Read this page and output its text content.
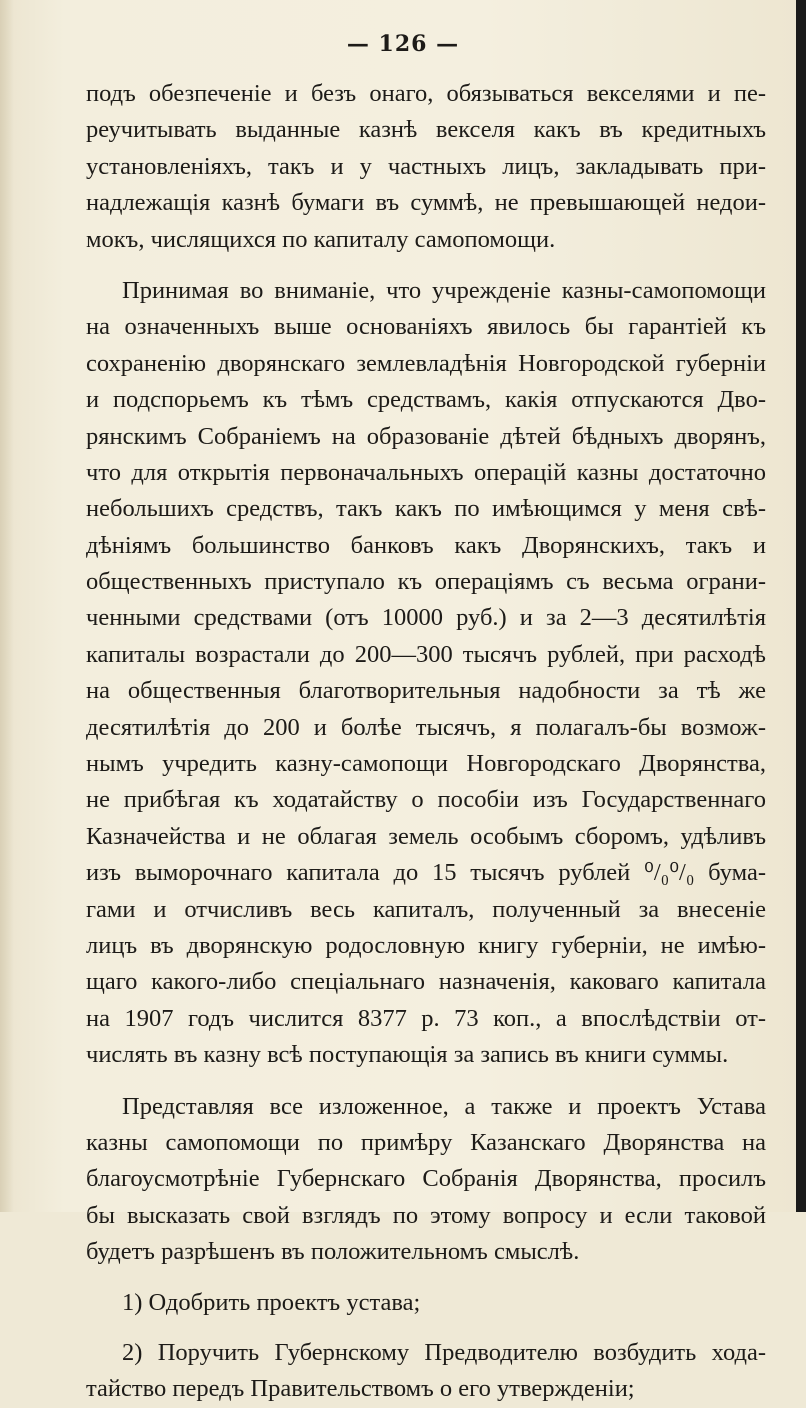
— 126 —
подъ обезпеченіе и безъ онаго, обязываться векселями и пе-
реучитывать выданные казнѣ векселя какъ въ кредитныхъ
установленіяхъ, такъ и у частныхъ лицъ, закладывать при-
надлежащія казнѣ бумаги въ суммѣ, не превышающей недои-
мокъ, числящихся по капиталу самопомощи.
Принимая во вниманіе, что учрежденіе казны-самопомощи
на означенныхъ выше основаніяхъ явилось бы гарантіей къ
сохраненію дворянскаго землевладѣнія Новгородской губерніи
и подспорьемъ къ тѣмъ средствамъ, какія отпускаются Дво-
рянскимъ Собраніемъ на образованіе дѣтей бѣдныхъ дворянъ,
что для открытія первоначальныхъ операцій казны достаточно
небольшихъ средствъ, такъ какъ по имѣющимся у меня свѣ-
дѣніямъ большинство банковъ какъ Дворянскихъ, такъ и
общественныхъ приступало къ операціямъ съ весьма ограни-
ченными средствами (отъ 10000 руб.) и за 2—3 десятилѣтія
капиталы возрастали до 200—300 тысячъ рублей, при расходѣ
на общественныя благотворительныя надобности за тѣ же
десятилѣтія до 200 и болѣе тысячъ, я полагалъ-бы возмож-
нымъ учредить казну-самопощи Новгородскаго Дворянства,
не прибѣгая къ ходатайству о пособіи изъ Государственнаго
Казначейства и не облагая земель особымъ сборомъ, удѣливъ
изъ выморочнаго капитала до 15 тысячъ рублей ⁰/₀⁰/₀ бума-
гами и отчисливъ весь капиталъ, полученный за внесеніе
лицъ въ дворянскую родословную книгу губерніи, не имѣю-
щаго какого-либо спеціальнаго назначенія, каковаго капитала
на 1907 годъ числится 8377 р. 73 коп., а впослѣдствіи от-
числять въ казну всѣ поступающія за запись въ книги суммы.
Представляя все изложенное, а также и проектъ Устава
казны самопомощи по примѣру Казанскаго Дворянства на
благоусмотрѣніе Губернскаго Собранія Дворянства, просилъ
бы высказать свой взглядъ по этому вопросу и если таковой
будетъ разрѣшенъ въ положительномъ смыслѣ.
1) Одобрить проектъ устава;
2) Поручить Губернскому Предводителю возбудить хода-
тайство передъ Правительствомъ о его утвержденіи;
